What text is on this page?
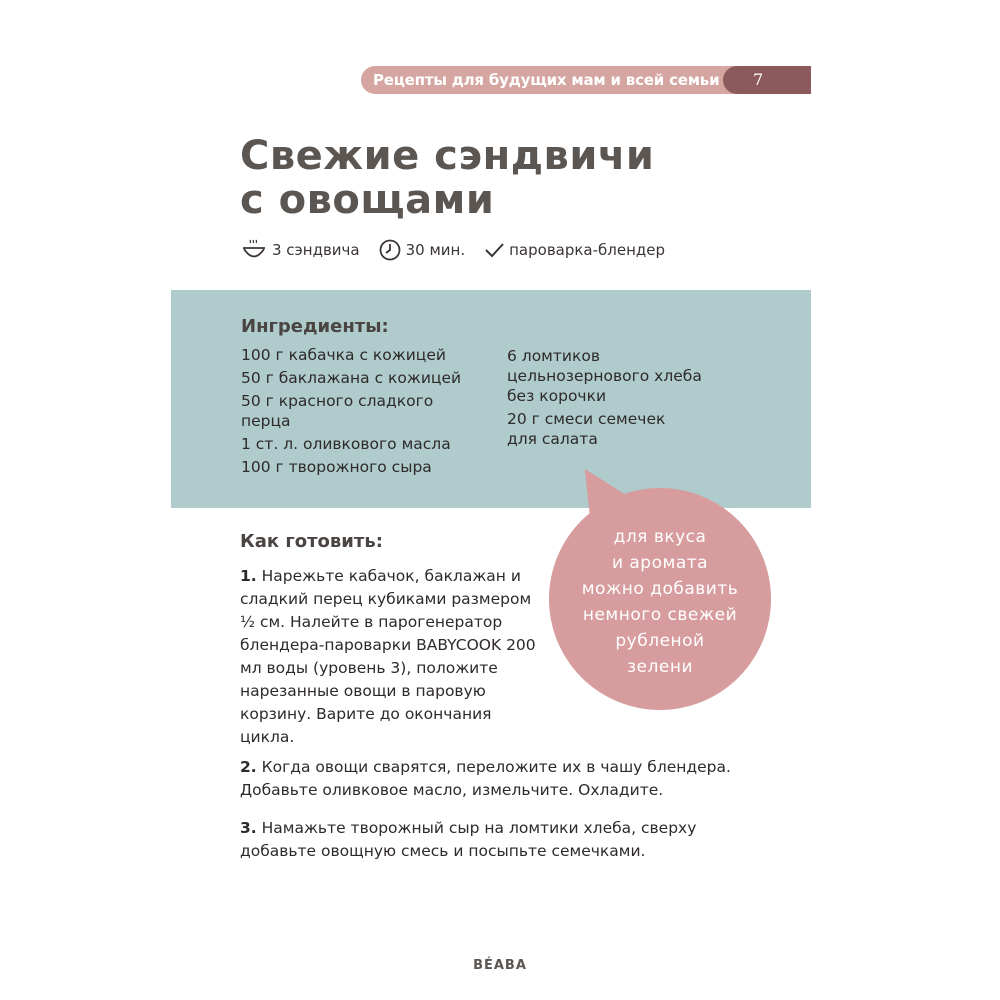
Рецепты для будущих мам и всей семьи 7
Свежие сэндвичи
с овощами
3 сэндвича	30 мин.	пароварка-блендер
Ингредиенты:
100 г кабачка с кожицей
50 г баклажана с кожицей
50 г красного сладкого перца
1 ст. л. оливкового масла
100 г творожного сыра
6 ломтиков цельнозернового хлеба без корочки
20 г смеси семечек для салата

для вкуса
и аромата
можно добавить
немного свежей
рубленой
зелени

Как готовить:

1. Нарежьте кабачок, баклажан и сладкий перец кубиками размером ½ см. Налейте в парогенератор блендера-пароварки BABYCOOK 200 мл воды (уровень 3), положите нарезанные овощи в паровую корзину. Варите до окончания цикла.

2. Когда овощи сварятся, переложите их в чашу блендера. Добавьте оливковое масло, измельчите. Охладите.

3. Намажьте творожный сыр на ломтики хлеба, сверху добавьте овощную смесь и посыпьте семечками.

BÉABA
